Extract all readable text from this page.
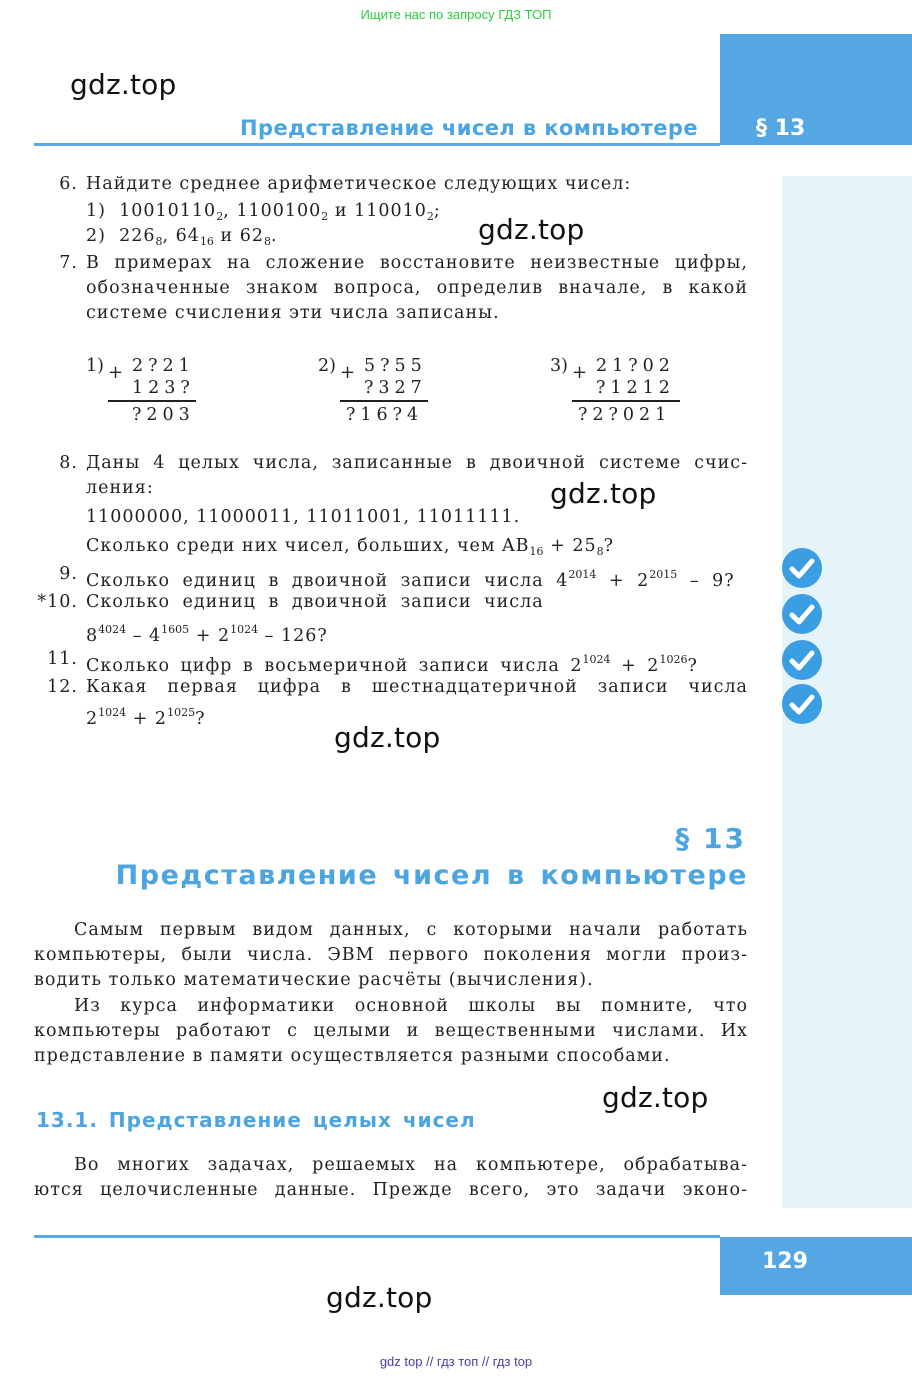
Ищите нас по запросу ГДЗ ТОП
gdz.top
§ 13
Представление чисел в компьютере
6. Найдите среднее арифметическое следующих чисел:
1) $10010110_2$, $1100100_2$ и $110010_2$;
2) $226_8$, $64_{16}$ и $62_8$.	gdz.top
7. В примерах на сложение восстановите неизвестные цифры,
обозначенные знаком вопроса, определив вначале, в какой
системе счисления эти числа записаны.
1) + 2?21
123?
?203
2) + 5?55
?327
?16?4
3) + 21?02
?1212
?2?021
8. Даны 4 целых числа, записанные в двоичной системе счис-
ления:	gdz.top
11000000, 11000011, 11011001, 11011111.
Сколько среди них чисел, больших, чем $AB_{16} + 25_8$?
9. Сколько единиц в двоичной записи числа $4^{2014} + 2^{2015} - 9$?
*10. Сколько единиц в двоичной записи числа
$8^{4024} - 4^{1605} + 2^{1024} - 126$?
11. Сколько цифр в восьмеричной записи числа $2^{1024} + 2^{1026}$?
12. Какая первая цифра в шестнадцатеричной записи числа
$2^{1024} + 2^{1025}$?
gdz.top
§ 13
Представление чисел в компьютере
Самым первым видом данных, с которыми начали работать
компьютеры, были числа. ЭВМ первого поколения могли произ-
водить только математические расчёты (вычисления).
Из курса информатики основной школы вы помните, что
компьютеры работают с целыми и вещественными числами. Их
представление в памяти осуществляется разными способами.
gdz.top
13.1. Представление целых чисел
Во многих задачах, решаемых на компьютере, обрабатыва-
ются целочисленные данные. Прежде всего, это задачи эконо-
129
gdz.top
gdz top // гдз топ // гдз top
